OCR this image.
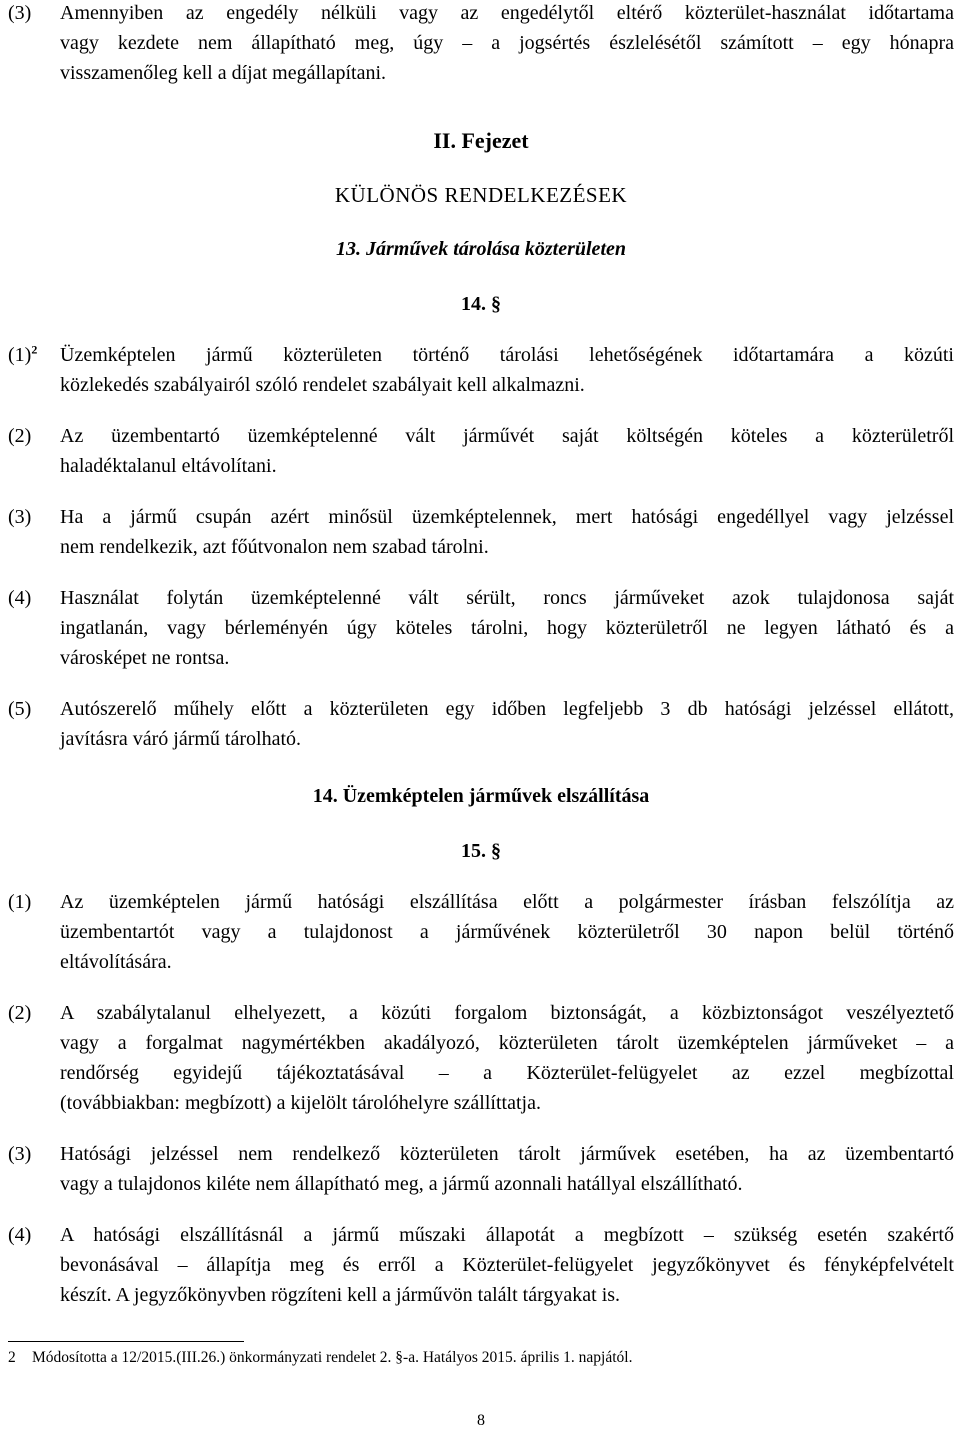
(3)	Amennyiben az engedély nélküli vagy az engedélytől eltérő közterület-használat időtartama
vagy kezdete nem állapítható meg, úgy – a jogsértés észlelésétől számított – egy hónapra
visszamenőleg kell a díjat megállapítani.
II. Fejezet
KÜLÖNÖS RENDELKEZÉSEK
13. Járművek tárolása közterületen
14. §
(1)$^2$	Üzemképtelen jármű közterületen történő tárolási lehetőségének időtartamára a közúti
közlekedés szabályairól szóló rendelet szabályait kell alkalmazni.
(2)	Az üzembentartó üzemképtelenné vált járművét saját költségén köteles a közterületről
haladéktalanul eltávolítani.
(3)	Ha a jármű csupán azért minősül üzemképtelennek, mert hatósági engedéllyel vagy jelzéssel
nem rendelkezik, azt főútvonalon nem szabad tárolni.
(4)	Használat folytán üzemképtelenné vált sérült, roncs járműveket azok tulajdonosa saját
ingatlanán, vagy bérleményén úgy köteles tárolni, hogy közterületről ne legyen látható és a
városképet ne rontsa.
(5)	Autószerelő műhely előtt a közterületen egy időben legfeljebb 3 db hatósági jelzéssel ellátott,
javításra váró jármű tárolható.
14. Üzemképtelen járművek elszállítása
15. §
(1)	Az üzemképtelen jármű hatósági elszállítása előtt a polgármester írásban felszólítja az
üzembentartót vagy a tulajdonost a járművének közterületről 30 napon belül történő
eltávolítására.
(2)	A szabálytalanul elhelyezett, a közúti forgalom biztonságát, a közbiztonságot veszélyeztető
vagy a forgalmat nagymértékben akadályozó, közterületen tárolt üzemképtelen járműveket – a
rendőrség egyidejű tájékoztatásával – a Közterület-felügyelet az ezzel megbízottal
(továbbiakban: megbízott) a kijelölt tárolóhelyre szállíttatja.
(3)	Hatósági jelzéssel nem rendelkező közterületen tárolt járművek esetében, ha az üzembentartó
vagy a tulajdonos kiléte nem állapítható meg, a jármű azonnali hatállyal elszállítható.
(4)	A hatósági elszállításnál a jármű műszaki állapotát a megbízott – szükség esetén szakértő
bevonásával – állapítja meg és erről a Közterület-felügyelet jegyzőkönyvet és fényképfelvételt
készít. A jegyzőkönyvben rögzíteni kell a járművön talált tárgyakat is.
2	Módosította a 12/2015.(III.26.) önkormányzati rendelet 2. §-a. Hatályos 2015. április 1. napjától.
8
